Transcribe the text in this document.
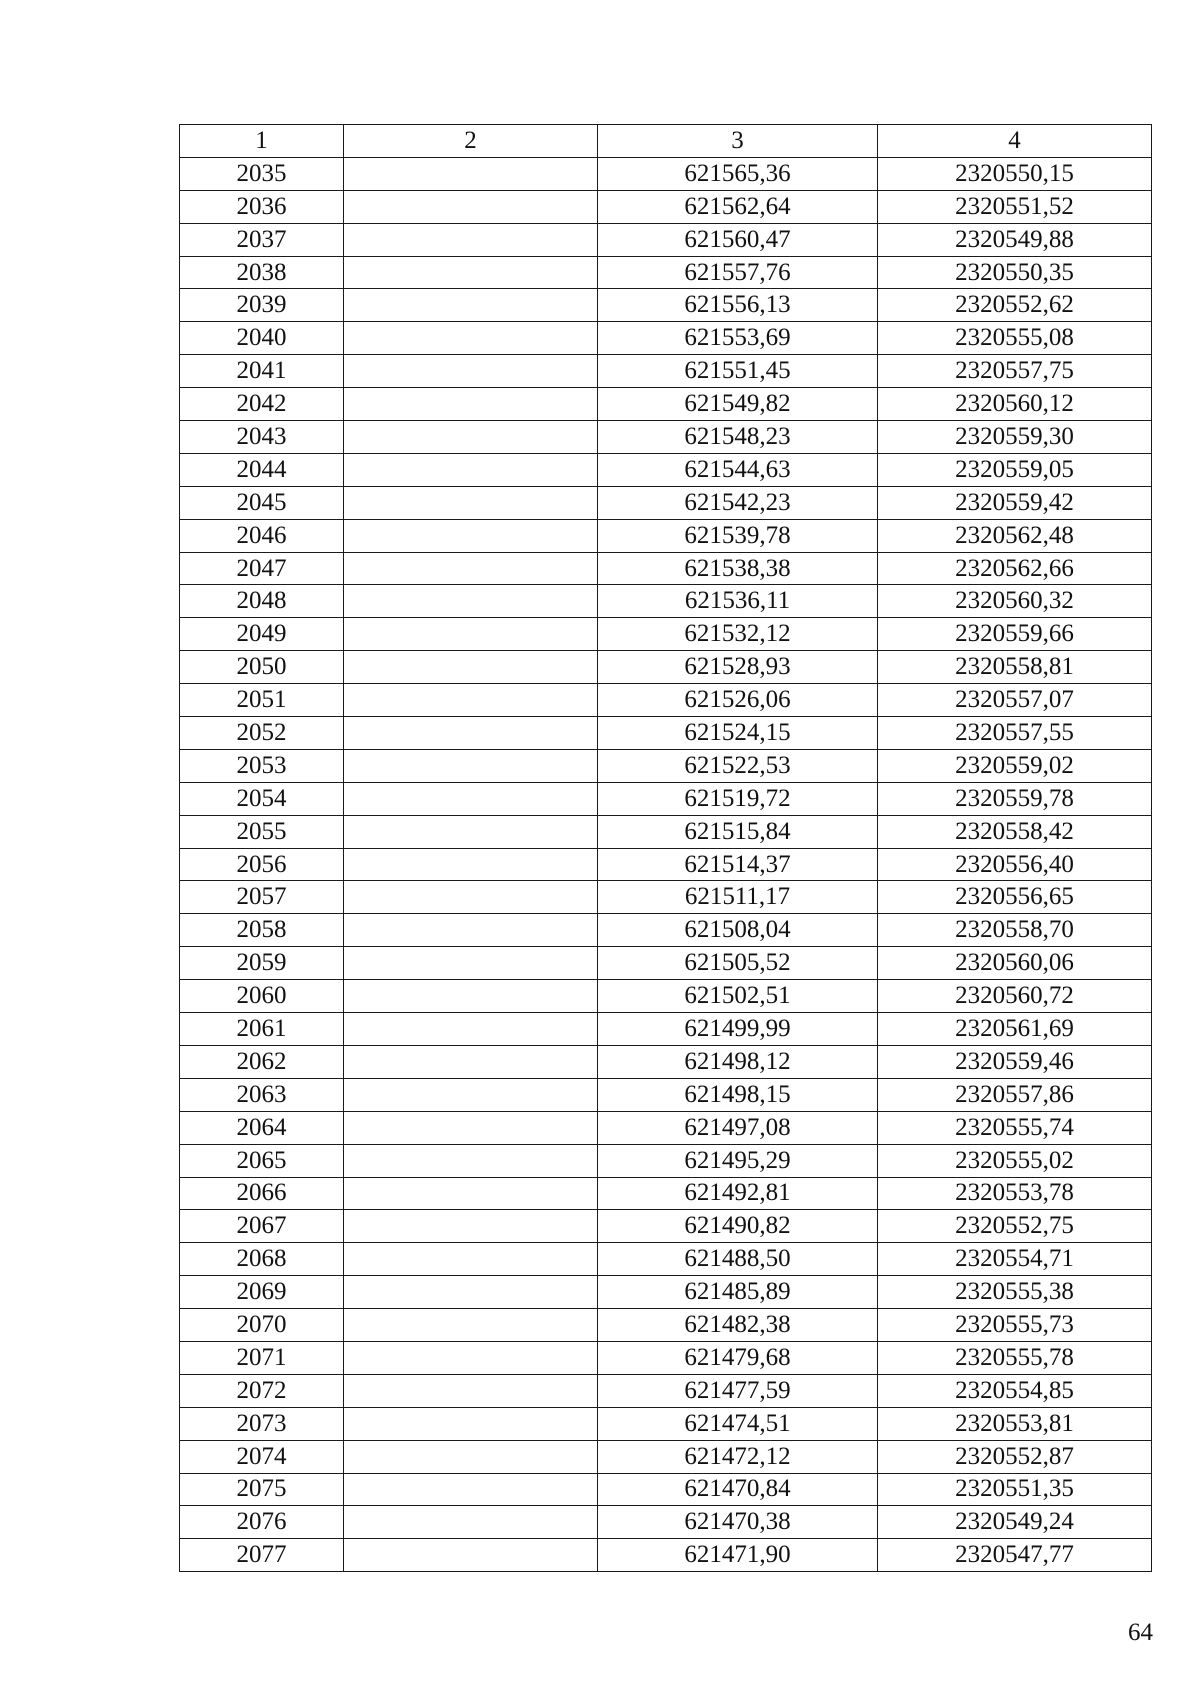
1	2	3	4
2035		621565,36	2320550,15
2036		621562,64	2320551,52
2037		621560,47	2320549,88
2038		621557,76	2320550,35
2039		621556,13	2320552,62
2040		621553,69	2320555,08
2041		621551,45	2320557,75
2042		621549,82	2320560,12
2043		621548,23	2320559,30
2044		621544,63	2320559,05
2045		621542,23	2320559,42
2046		621539,78	2320562,48
2047		621538,38	2320562,66
2048		621536,11	2320560,32
2049		621532,12	2320559,66
2050		621528,93	2320558,81
2051		621526,06	2320557,07
2052		621524,15	2320557,55
2053		621522,53	2320559,02
2054		621519,72	2320559,78
2055		621515,84	2320558,42
2056		621514,37	2320556,40
2057		621511,17	2320556,65
2058		621508,04	2320558,70
2059		621505,52	2320560,06
2060		621502,51	2320560,72
2061		621499,99	2320561,69
2062		621498,12	2320559,46
2063		621498,15	2320557,86
2064		621497,08	2320555,74
2065		621495,29	2320555,02
2066		621492,81	2320553,78
2067		621490,82	2320552,75
2068		621488,50	2320554,71
2069		621485,89	2320555,38
2070		621482,38	2320555,73
2071		621479,68	2320555,78
2072		621477,59	2320554,85
2073		621474,51	2320553,81
2074		621472,12	2320552,87
2075		621470,84	2320551,35
2076		621470,38	2320549,24
2077		621471,90	2320547,77
64
